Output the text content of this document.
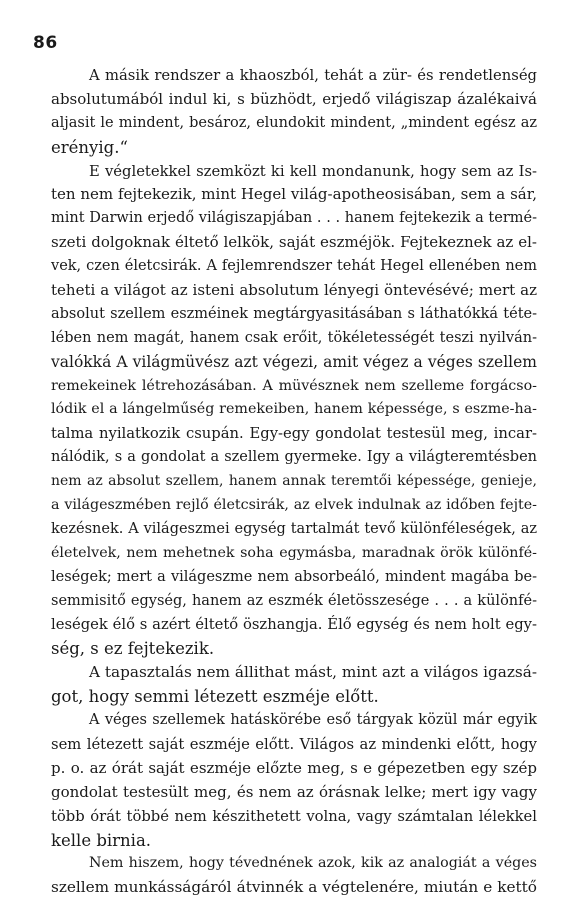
86
A másik rendszer a khaoszból, tehát a zür- és rendetlenség
absolutumából indul ki, s büzhödt, erjedő világiszap ázalékaivá
aljasit le mindent, besároz, elundokit mindent, „mindent egész az
erényig.“
E végletekkel szemközt ki kell mondanunk, hogy sem az Is-
ten nem fejtekezik, mint Hegel világ-apotheosisában, sem a sár,
mint Darwin erjedő világiszapjában . . . hanem fejtekezik a termé-
szeti dolgoknak éltető lelkök, saját eszméjök. Fejtekeznek az el-
vek, czen életcsirák. A fejlemrendszer tehát Hegel ellenében nem
teheti a világot az isteni absolutum lényegi öntevésévé; mert az
absolut szellem eszméinek megtárgyasitásában s láthatókká téte-
lében nem magát, hanem csak erőit, tökéletességét teszi nyilván-
valókká A világmüvész azt végezi, amit végez a véges szellem
remekeinek létrehozásában. A müvésznek nem szelleme forgácso-
lódik el a lángelműség remekeiben, hanem képessége, s eszme-ha-
talma nyilatkozik csupán. Egy-egy gondolat testesül meg, incar-
nálódik, s a gondolat a szellem gyermeke. Igy a világteremtésben
nem az absolut szellem, hanem annak teremtői képessége, genieje,
a világeszmében rejlő életcsirák, az elvek indulnak az időben fejte-
kezésnek. A világeszmei egység tartalmát tevő különféleségek, az
életelvek, nem mehetnek soha egymásba, maradnak örök különfé-
leségek; mert a világeszme nem absorbeáló, mindent magába be-
semmisitő egység, hanem az eszmék életösszesége . . . a különfé-
leségek élő s azért éltető öszhangja. Élő egység és nem holt egy-
ség, s ez fejtekezik.
A tapasztalás nem állithat mást, mint azt a világos igazsá-
got, hogy semmi létezett eszméje előtt.
A véges szellemek hatáskörébe eső tárgyak közül már egyik
sem létezett saját eszméje előtt. Világos az mindenki előtt, hogy
p. o. az órát saját eszméje előzte meg, s e gépezetben egy szép
gondolat testesült meg, és nem az órásnak lelke; mert igy vagy
több órát többé nem készithetett volna, vagy számtalan lélekkel
kelle birnia.
Nem hiszem, hogy tévednének azok, kik az analogiát a véges
szellem munkásságáról átvinnék a végtelenére, miután e kettő
